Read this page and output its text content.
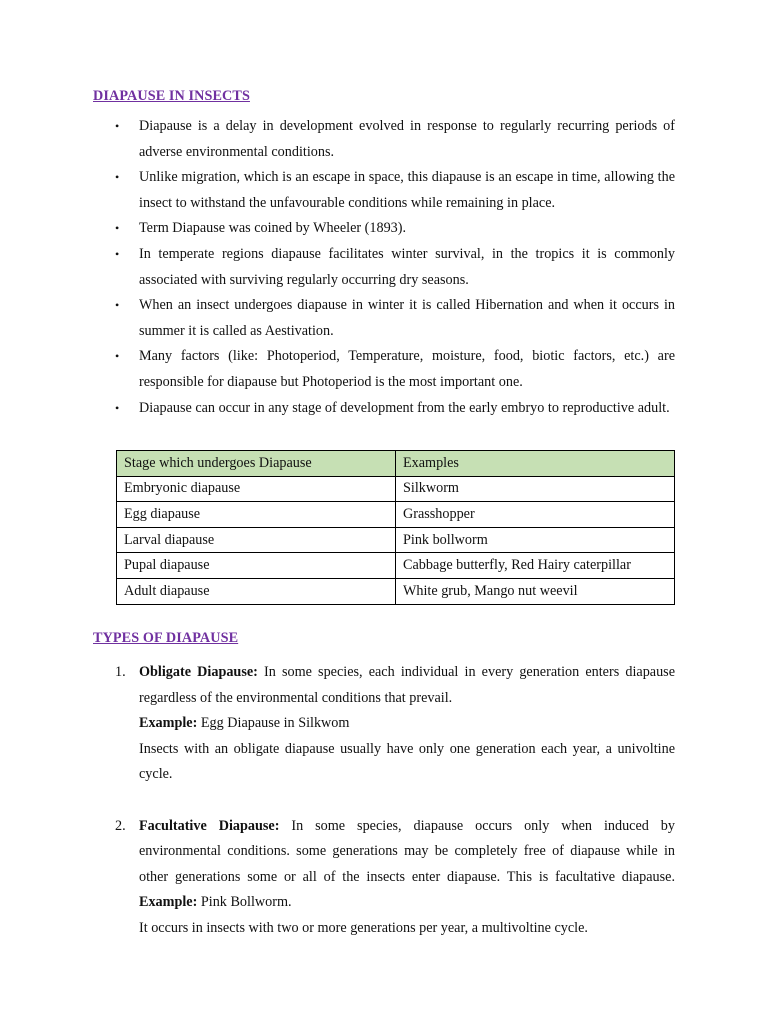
DIAPAUSE IN INSECTS
• Diapause is a delay in development evolved in response to regularly recurring periods of adverse environmental conditions.
• Unlike migration, which is an escape in space, this diapause is an escape in time, allowing the insect to withstand the unfavourable conditions while remaining in place.
• Term Diapause was coined by Wheeler (1893).
• In temperate regions diapause facilitates winter survival, in the tropics it is commonly associated with surviving regularly occurring dry seasons.
• When an insect undergoes diapause in winter it is called Hibernation and when it occurs in summer it is called as Aestivation.
• Many factors (like: Photoperiod, Temperature, moisture, food, biotic factors, etc.) are responsible for diapause but Photoperiod is the most important one.
• Diapause can occur in any stage of development from the early embryo to reproductive adult.
Stage which undergoes Diapause	Examples
Embryonic diapause	Silkworm
Egg diapause	Grasshopper
Larval diapause	Pink bollworm
Pupal diapause	Cabbage butterfly, Red Hairy caterpillar
Adult diapause	White grub, Mango nut weevil
TYPES OF DIAPAUSE
1. Obligate Diapause: In some species, each individual in every generation enters diapause regardless of the environmental conditions that prevail.

Example: Egg Diapause in Silkwom

Insects with an obligate diapause usually have only one generation each year, a univoltine cycle.

2. Facultative Diapause: In some species, diapause occurs only when induced by environmental conditions. some generations may be completely free of diapause while in other generations some or all of the insects enter diapause. This is facultative diapause. Example: Pink Bollworm.

It occurs in insects with two or more generations per year, a multivoltine cycle.
